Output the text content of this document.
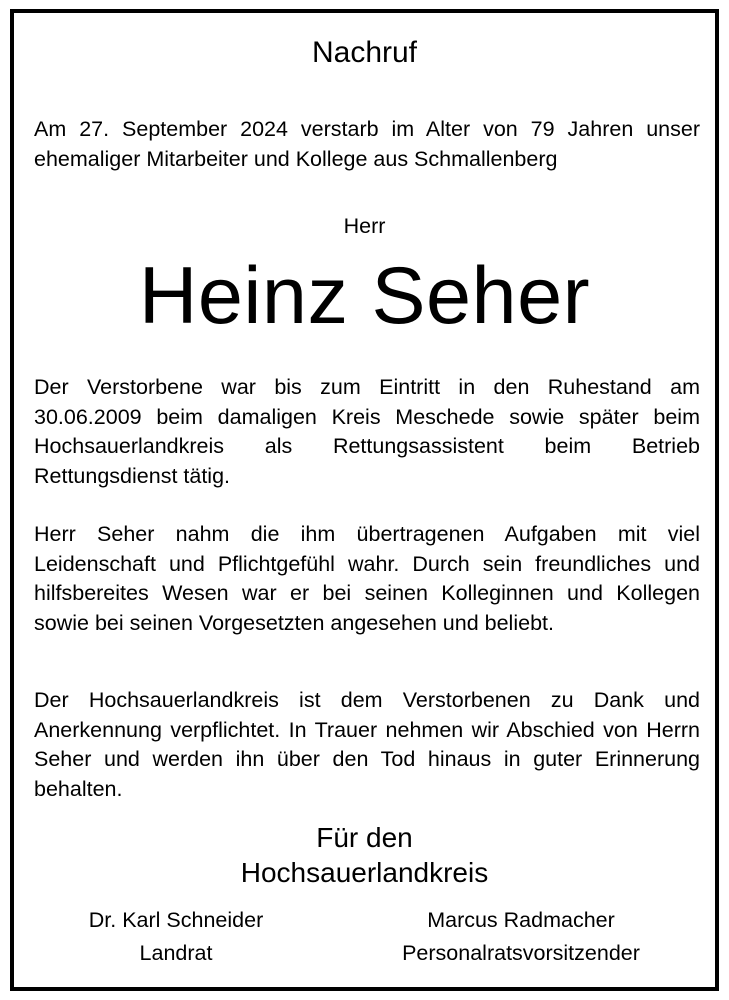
Nachruf
Am 27. September 2024 verstarb im Alter von 79 Jahren unser ehemaliger Mitarbeiter und Kollege aus Schmallenberg
Herr
Heinz Seher
Der Verstorbene war bis zum Eintritt in den Ruhestand am 30.06.2009 beim damaligen Kreis Meschede sowie später beim Hochsauerlandkreis als Rettungsassistent beim Betrieb Rettungsdienst tätig.
Herr Seher nahm die ihm übertragenen Aufgaben mit viel Leidenschaft und Pflichtgefühl wahr. Durch sein freundliches und hilfsbereites Wesen war er bei seinen Kolleginnen und Kollegen sowie bei seinen Vorgesetzten angesehen und beliebt.
Der Hochsauerlandkreis ist dem Verstorbenen zu Dank und Anerkennung verpflichtet. In Trauer nehmen wir Abschied von Herrn Seher und werden ihn über den Tod hinaus in guter Erinnerung behalten.
Für den
Hochsauerlandkreis
Dr. Karl Schneider
Landrat
Marcus Radmacher
Personalratsvorsitzender
